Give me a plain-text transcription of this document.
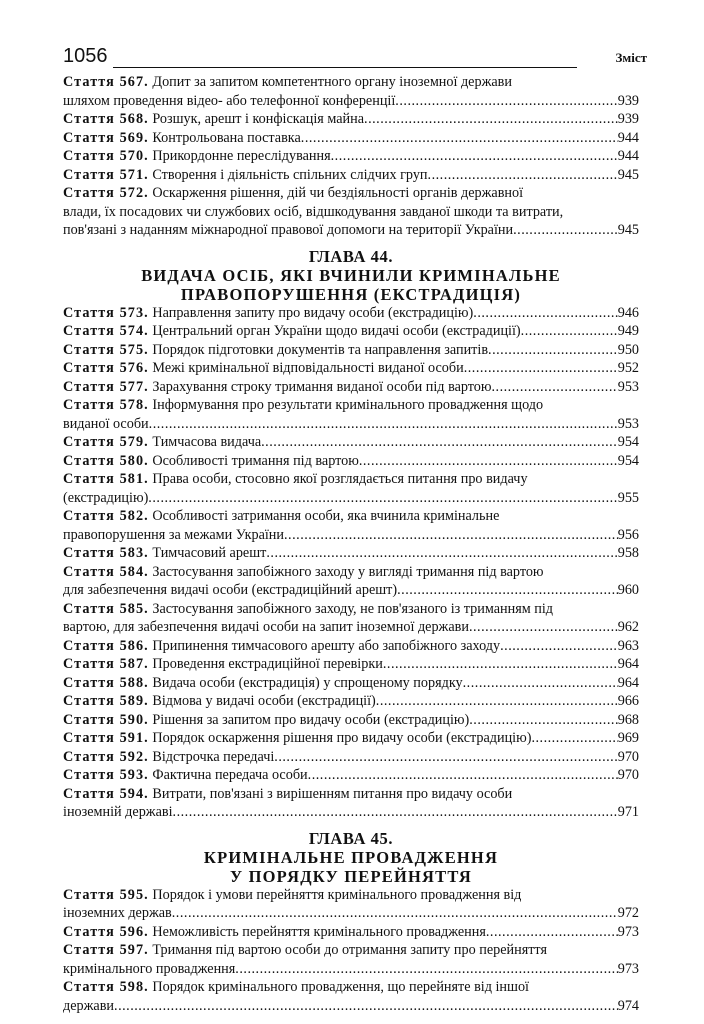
1056	Зміст
Стаття 567. Допит за запитом компетентного органу іноземної держави
шляхом проведення відео- або телефонної конференції .....	939
Стаття 568. Розшук, арешт і конфіскація майна .....	939
Стаття 569. Контрольована поставка .....	944
Стаття 570. Прикордонне переслідування .....	944
Стаття 571. Створення і діяльність спільних слідчих груп .....	945
Стаття 572. Оскарження рішення, дій чи бездіяльності органів державної
влади, їх посадових чи службових осіб, відшкодування завданої шкоди та витрати,
пов'язані з наданням міжнародної правової допомоги на території України .....	945
ГЛАВА 44.
ВИДАЧА ОСІБ, ЯКІ ВЧИНИЛИ КРИМІНАЛЬНЕ
ПРАВОПОРУШЕННЯ (ЕКСТРАДИЦІЯ)
Стаття 573. Направлення запиту про видачу особи (екстрадицію) .....	946
Стаття 574. Центральний орган України щодо видачі особи (екстрадиції) .....	949
Стаття 575. Порядок підготовки документів та направлення запитів .....	950
Стаття 576. Межі кримінальної відповідальності виданої особи .....	952
Стаття 577. Зарахування строку тримання виданої особи під вартою .....	953
Стаття 578. Інформування про результати кримінального провадження щодо
виданої особи .....	953
Стаття 579. Тимчасова видача .....	954
Стаття 580. Особливості тримання під вартою .....	954
Стаття 581. Права особи, стосовно якої розглядається питання про видачу
(екстрадицію) .....	955
Стаття 582. Особливості затримання особи, яка вчинила кримінальне
правопорушення за межами України .....	956
Стаття 583. Тимчасовий арешт .....	958
Стаття 584. Застосування запобіжного заходу у вигляді тримання під вартою
для забезпечення видачі особи (екстрадиційний арешт) .....	960
Стаття 585. Застосування запобіжного заходу, не пов'язаного із триманням під
вартою, для забезпечення видачі особи на запит іноземної держави .....	962
Стаття 586. Припинення тимчасового арешту або запобіжного заходу .....	963
Стаття 587. Проведення екстрадиційної перевірки .....	964
Стаття 588. Видача особи (екстрадиція) у спрощеному порядку .....	964
Стаття 589. Відмова у видачі особи (екстрадиції) .....	966
Стаття 590. Рішення за запитом про видачу особи (екстрадицію) .....	968
Стаття 591. Порядок оскарження рішення про видачу особи (екстрадицію) .....	969
Стаття 592. Відстрочка передачі .....	970
Стаття 593. Фактична передача особи .....	970
Стаття 594. Витрати, пов'язані з вирішенням питання про видачу особи
іноземній державі .....	971
ГЛАВА 45.
КРИМІНАЛЬНЕ ПРОВАДЖЕННЯ
У ПОРЯДКУ ПЕРЕЙНЯТТЯ
Стаття 595. Порядок і умови перейняття кримінального провадження від
іноземних держав .....	972
Стаття 596. Неможливість перейняття кримінального провадження .....	973
Стаття 597. Тримання під вартою особи до отримання запиту про перейняття
кримінального провадження .....	973
Стаття 598. Порядок кримінального провадження, що перейняте від іншої
держави .....	974
